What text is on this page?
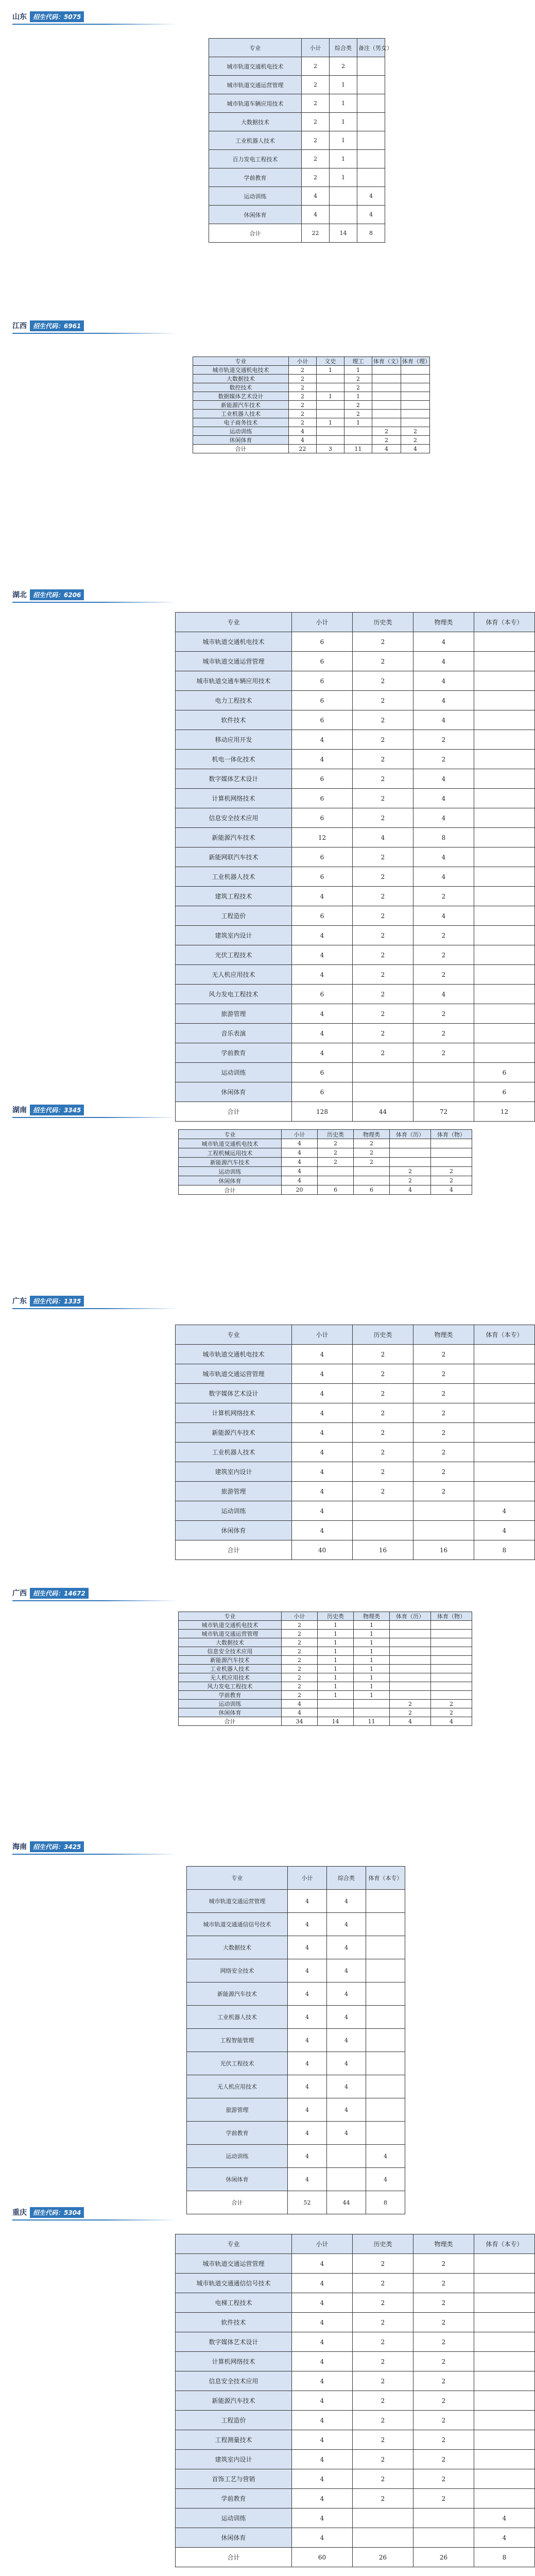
山东	招生代码：5075
专业	小计	综合类	备注（男女）
城市轨道交通机电技术	2	2	
城市轨道交通运营管理	2	1	
城市轨道车辆应用技术	2	1	
大数据技术	2	1	
工业机器人技术	2	1	
百力发电工程技术	2	1	
学前教育	2	1	
运动训练	4		4
休闲体育	4		4
合计	22	14	8
江西	招生代码：6961
专业	小计	文史	理工	体育（文）	体育（理）
城市轨道交通机电技术	2	1	1		
大数据技术	2		2		
数控技术	2		2		
数据媒体艺术设计	2	1	1		
新能源汽车技术	2		2		
工业机器人技术	2		2		
电子商务技术	2	1	1		
运动训练	4			2	2
休闲体育	4			2	2
合计	22	3	11	4	4
湖北	招生代码：6206
专业	小计	历史类	物理类	体育（本专）
城市轨道交通机电技术	6	2	4	
城市轨道交通运营管理	6	2	4	
城市轨道交通车辆应用技术	6	2	4	
电力工程技术	6	2	4	
软件技术	6	2	4	
移动应用开发	4	2	2	
机电一体化技术	4	2	2	
数字媒体艺术设计	6	2	4	
计算机网络技术	6	2	4	
信息安全技术应用	6	2	4	
新能源汽车技术	12	4	8	
新能网联汽车技术	6	2	4	
工业机器人技术	6	2	4	
建筑工程技术	4	2	2	
工程造价	6	2	4	
建筑室内设计	4	2	2	
光伏工程技术	4	2	2	
无人机应用技术	4	2	2	
风力发电工程技术	6	2	4	
旅游管理	4	2	2	
音乐表演	4	2	2	
学前教育	4	2	2	
运动训练	6			6
休闲体育	6			6
合计	128	44	72	12
湖南	招生代码：3345
专业	小计	历史类	物理类	体育（历）	体育（物）
城市轨道交通机电技术	4	2	2		
工程机械运用技术	4	2	2		
新能源汽车技术	4	2	2		
运动训练	4			2	2
休闲体育	4			2	2
合计	20	6	6	4	4
广东	招生代码：1335
专业	小计	历史类	物理类	体育（本专）
城市轨道交通机电技术	4	2	2	
城市轨道交通运营管理	4	2	2	
数字媒体艺术设计	4	2	2	
计算机网络技术	4	2	2	
新能源汽车技术	4	2	2	
工业机器人技术	4	2	2	
建筑室内设计	4	2	2	
旅游管理	4	2	2	
运动训练	4			4
休闲体育	4			4
合计	40	16	16	8
广西	招生代码：14672
专业	小计	历史类	物理类	体育（历）	体育（物）
城市轨道交通机电技术	2	1	1		
城市轨道交通运营管理	2	1	1		
大数据技术	2	1	1		
信息安全技术应用	2	1	1		
新能源汽车技术	2	1	1		
工业机器人技术	2	1	1		
无人机应用技术	2	1	1		
风力发电工程技术	2	1	1		
学前教育	2	1	1		
运动训练	4			2	2
休闲体育	4			2	2
合计	34	14	11	4	4
海南	招生代码：3425
专业	小计	综合类	体育（本专）
城市轨道交通运营管理	4	4	
城市轨道交通通信信号技术	4	4	
大数据技术	4	4	
网络安全技术	4	4	
新能源汽车技术	4	4	
工业机器人技术	4	4	
工程智能管理	4	4	
光伏工程技术	4	4	
无人机应用技术	4	4	
旅游管理	4	4	
学前教育	4	4	
运动训练	4		4
休闲体育	4		4
合计	52	44	8
重庆	招生代码：5304
专业	小计	历史类	物理类	体育（本专）
城市轨道交通运营管理	4	2	2	
城市轨道交通通信信号技术	4	2	2	
电梯工程技术	4	2	2	
软件技术	4	2	2	
数字媒体艺术设计	4	2	2	
计算机网络技术	4	2	2	
信息安全技术应用	4	2	2	
新能源汽车技术	4	2	2	
工程造价	4	2	2	
工程测量技术	4	2	2	
建筑室内设计	4	2	2	
首饰工艺与营销	4	2	2	
学前教育	4	2	2	
运动训练	4			4
休闲体育	4			4
合计	60	26	26	8
